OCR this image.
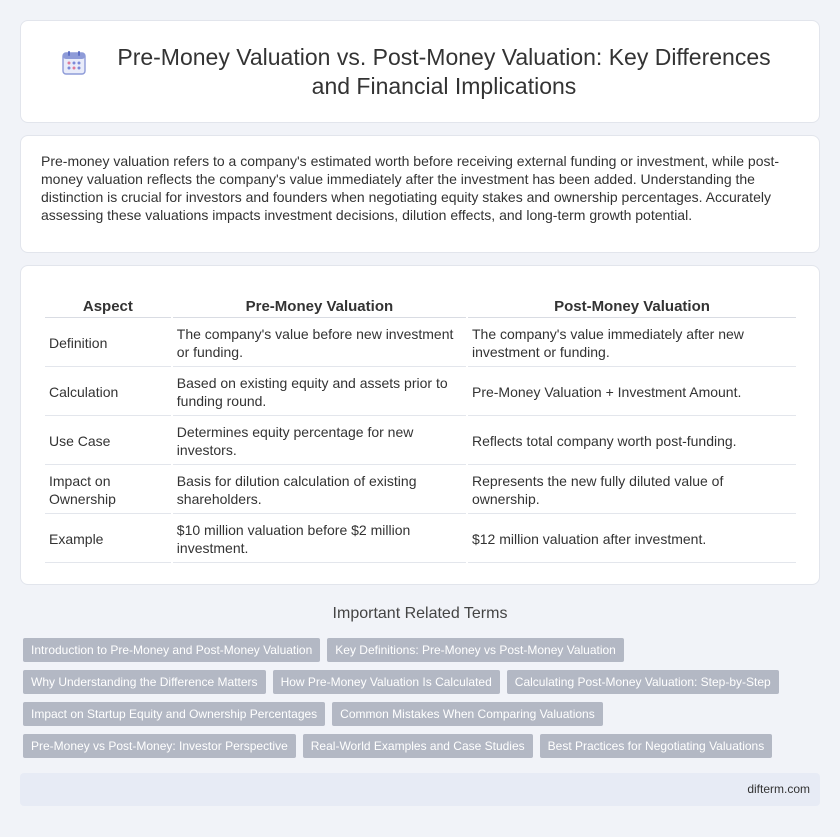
Pre-Money Valuation vs. Post-Money Valuation: Key Differences and Financial Implications

Pre-money valuation refers to a company's estimated worth before receiving external funding or investment, while post-money valuation reflects the company's value immediately after the investment has been added. Understanding the distinction is crucial for investors and founders when negotiating equity stakes and ownership percentages. Accurately assessing these valuations impacts investment decisions, dilution effects, and long-term growth potential.

Aspect	Pre-Money Valuation	Post-Money Valuation
Definition	The company's value before new investment or funding.	The company's value immediately after new investment or funding.
Calculation	Based on existing equity and assets prior to funding round.	Pre-Money Valuation + Investment Amount.
Use Case	Determines equity percentage for new investors.	Reflects total company worth post-funding.
Impact on Ownership	Basis for dilution calculation of existing shareholders.	Represents the new fully diluted value of ownership.
Example	$10 million valuation before $2 million investment.	$12 million valuation after investment.
Important Related Terms
Introduction to Pre-Money and Post-Money Valuation	Key Definitions: Pre-Money vs Post-Money Valuation
Why Understanding the Difference Matters	How Pre-Money Valuation Is Calculated	Calculating Post-Money Valuation: Step-by-Step
Impact on Startup Equity and Ownership Percentages	Common Mistakes When Comparing Valuations
Pre-Money vs Post-Money: Investor Perspective	Real-World Examples and Case Studies	Best Practices for Negotiating Valuations
difterm.com
